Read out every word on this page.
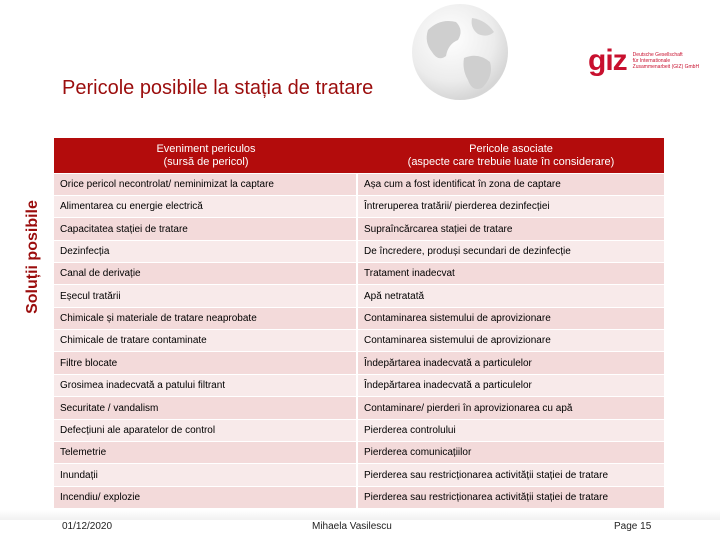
giz Deutsche Gesellschaft
für Internationale
Zusammenarbeit (GIZ) GmbH
Pericole posibile la stația de tratare
Soluții posibile
Eveniment periculos
(sursă de pericol)
Pericole asociate
(aspecte care trebuie luate în considerare)
Orice pericol necontrolat/ neminimizat la captare	Așa cum a fost identificat în zona de captare
Alimentarea cu energie electrică	Întreruperea tratării/ pierderea dezinfecției
Capacitatea stației de tratare	Supraîncărcarea stației de tratare
Dezinfecția	De încredere, produși secundari de dezinfecție
Canal de derivație	Tratament inadecvat
Eșecul tratării	Apă netratată
Chimicale și materiale de tratare neaprobate	Contaminarea sistemului de aprovizionare
Chimicale de tratare contaminate	Contaminarea sistemului de aprovizionare
Filtre blocate	Îndepărtarea inadecvată a particulelor
Grosimea inadecvată a patului filtrant	Îndepărtarea inadecvată a particulelor
Securitate / vandalism	Contaminare/ pierderi în aprovizionarea cu apă
Defecțiuni ale aparatelor de control	Pierderea controlului
Telemetrie	Pierderea comunicațiilor
Inundații	Pierderea sau restricționarea activității stației de tratare
Incendiu/ explozie	Pierderea sau restricționarea activității stației de tratare
01/12/2020	Mihaela Vasilescu	Page 15
